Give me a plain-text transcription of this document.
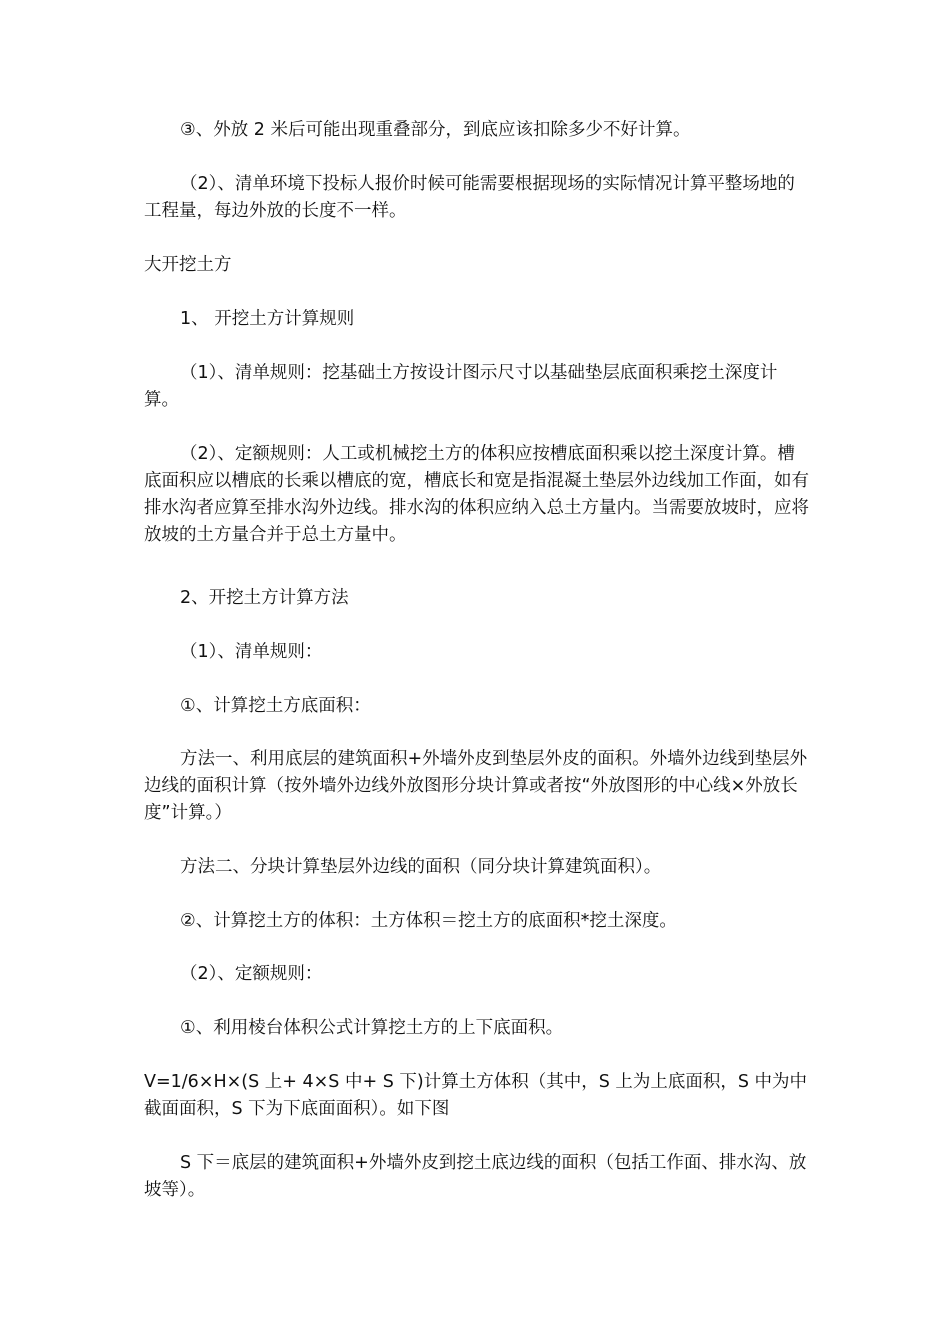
③、外放 2 米后可能出现重叠部分，到底应该扣除多少不好计算。

（2）、清单环境下投标人报价时候可能需要根据现场的实际情况计算平整场地的工程量，每边外放的长度不一样。

大开挖土方

1、 开挖土方计算规则

（1）、清单规则：挖基础土方按设计图示尺寸以基础垫层底面积乘挖土深度计算。

（2）、定额规则：人工或机械挖土方的体积应按槽底面积乘以挖土深度计算。槽底面积应以槽底的长乘以槽底的宽，槽底长和宽是指混凝土垫层外边线加工作面，如有排水沟者应算至排水沟外边线。排水沟的体积应纳入总土方量内。当需要放坡时，应将放坡的土方量合并于总土方量中。

2、开挖土方计算方法

（1）、清单规则：

①、计算挖土方底面积：

方法一、利用底层的建筑面积+外墙外皮到垫层外皮的面积。外墙外边线到垫层外边线的面积计算（按外墙外边线外放图形分块计算或者按“外放图形的中心线×外放长度”计算。）

方法二、分块计算垫层外边线的面积（同分块计算建筑面积）。

②、计算挖土方的体积：土方体积＝挖土方的底面积*挖土深度。

（2）、定额规则：

①、利用棱台体积公式计算挖土方的上下底面积。

V=1/6×H×(S 上+ 4×S 中+ S 下)计算土方体积（其中，S 上为上底面积，S 中为中截面面积，S 下为下底面面积）。如下图

S 下＝底层的建筑面积+外墙外皮到挖土底边线的面积（包括工作面、排水沟、放坡等）。
